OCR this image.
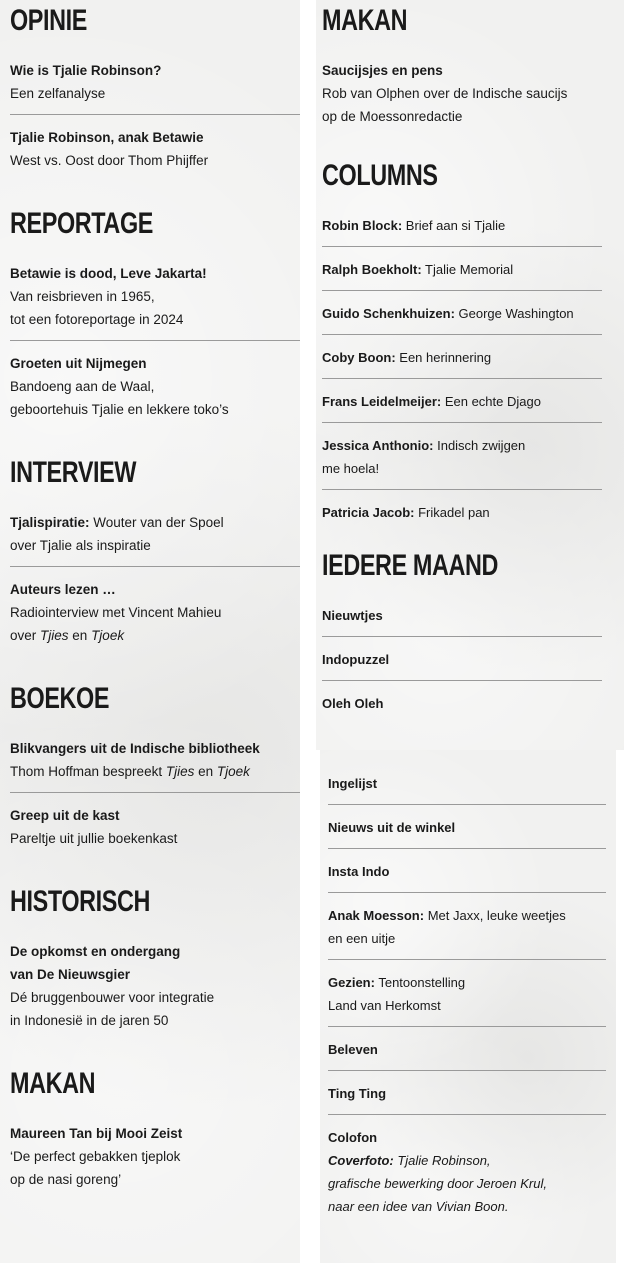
OPINIE
Wie is Tjalie Robinson?
Een zelfanalyse
Tjalie Robinson, anak Betawie
West vs. Oost door Thom Phijffer
REPORTAGE
Betawie is dood, Leve Jakarta!
Van reisbrieven in 1965,
tot een fotoreportage in 2024
Groeten uit Nijmegen
Bandoeng aan de Waal,
geboortehuis Tjalie en lekkere toko’s
INTERVIEW
Tjalispiratie: Wouter van der Spoel
over Tjalie als inspiratie
Auteurs lezen …
Radiointerview met Vincent Mahieu
over Tjies en Tjoek
BOEKOE
Blikvangers uit de Indische bibliotheek
Thom Hoffman bespreekt Tjies en Tjoek
Greep uit de kast
Pareltje uit jullie boekenkast
HISTORISCH
De opkomst en ondergang
van De Nieuwsgier
Dé bruggenbouwer voor integratie
in Indonesië in de jaren 50
MAKAN
Maureen Tan bij Mooi Zeist
‘De perfect gebakken tjeplok
op de nasi goreng’
MAKAN
Saucijsjes en pens
Rob van Olphen over de Indische saucijs
op de Moessonredactie
COLUMNS
Robin Block: Brief aan si Tjalie
Ralph Boekholt: Tjalie Memorial
Guido Schenkhuizen: George Washington
Coby Boon: Een herinnering
Frans Leidelmeijer: Een echte Djago
Jessica Anthonio: Indisch zwijgen
me hoela!
Patricia Jacob: Frikadel pan
IEDERE MAAND
Nieuwtjes
Indopuzzel
Oleh Oleh
Ingelijst
Nieuws uit de winkel
Insta Indo
Anak Moesson: Met Jaxx, leuke weetjes
en een uitje
Gezien: Tentoonstelling
Land van Herkomst
Beleven
Ting Ting
Colofon
Coverfoto: Tjalie Robinson,
grafische bewerking door Jeroen Krul,
naar een idee van Vivian Boon.
